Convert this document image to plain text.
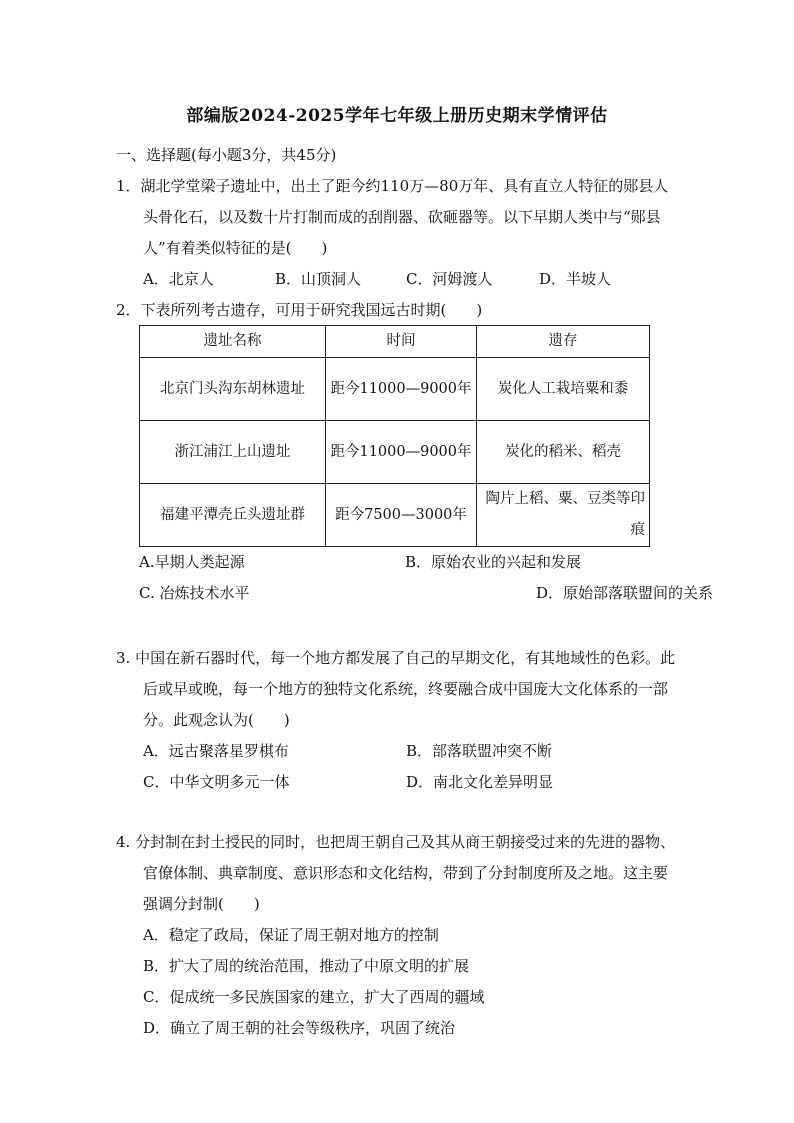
部编版2024-2025学年七年级上册历史期末学情评估
一、选择题(每小题3分，共45分)

1．湖北学堂梁子遗址中，出土了距今约110万—80万年、具有直立人特征的郧县人头骨化石，以及数十片打制而成的刮削器、砍砸器等。以下早期人类中与“郧县人”有着类似特征的是(　　)

A．北京人	B．山顶洞人	C．河姆渡人	D．半坡人

2．下表所列考古遗存，可用于研究我国远古时期(　　)

遗址名称	时间	遗存
北京门头沟东胡林遗址	距今11000—9000年	炭化人工栽培粟和黍
浙江浦江上山遗址	距今11000—9000年	炭化的稻米、稻壳
福建平潭壳丘头遗址群	距今7500—3000年	陶片上稻、粟、豆类等印痕
A.早期人类起源	B．原始农业的兴起和发展
C. 冶炼技术水平	D．原始部落联盟间的关系

3. 中国在新石器时代，每一个地方都发展了自己的早期文化，有其地域性的色彩。此后或早或晚，每一个地方的独特文化系统，终要融合成中国庞大文化体系的一部分。此观念认为(　　)

A．远古聚落星罗棋布	B．部落联盟冲突不断
C．中华文明多元一体	D．南北文化差异明显

4. 分封制在封土授民的同时，也把周王朝自己及其从商王朝接受过来的先进的器物、官僚体制、典章制度、意识形态和文化结构，带到了分封制度所及之地。这主要强调分封制(　　)

A．稳定了政局，保证了周王朝对地方的控制
B．扩大了周的统治范围，推动了中原文明的扩展
C．促成统一多民族国家的建立，扩大了西周的疆域
D．确立了周王朝的社会等级秩序，巩固了统治
